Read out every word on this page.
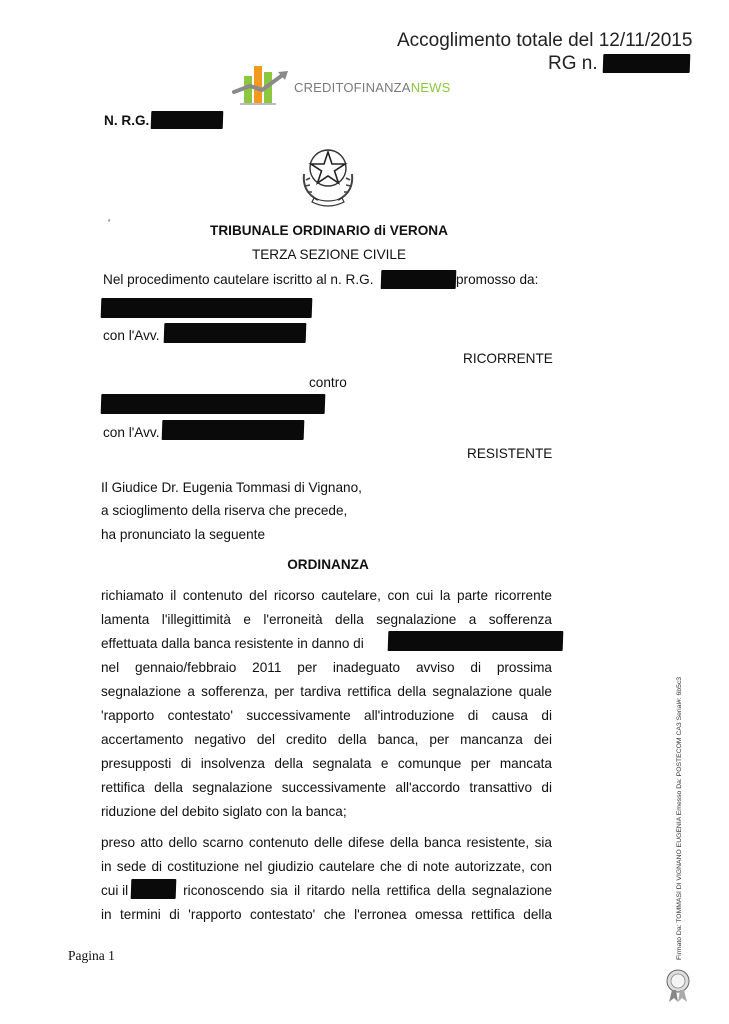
Accoglimento totale del 12/11/2015
RG n.
CREDITOFINANZANEWS
N. R.G.
‘	TRIBUNALE ORDINARIO di VERONA
TERZA SEZIONE CIVILE
Nel procedimento cautelare iscritto al n. R.G.	promosso da:
con l'Avv.
RICORRENTE
contro
con l'Avv.
RESISTENTE
Il Giudice Dr. Eugenia Tommasi di Vignano,
a scioglimento della riserva che precede,
ha pronunciato la seguente
ORDINANZA
richiamato il contenuto del ricorso cautelare, con cui la parte ricorrente
lamenta l'illegittimità e l'erroneità della segnalazione a sofferenza
effettuata dalla banca resistente in danno di
nel gennaio/febbraio 2011 per inadeguato avviso di prossima
segnalazione a sofferenza, per tardiva rettifica della segnalazione quale
'rapporto contestato' successivamente all'introduzione di causa di
accertamento negativo del credito della banca, per mancanza dei
presupposti di insolvenza della segnalata e comunque per mancata
rettifica della segnalazione successivamente all'accordo transattivo di
riduzione del debito siglato con la banca;
preso atto dello scarno contenuto delle difese della banca resistente, sia
in sede di costituzione nel giudizio cautelare che di note autorizzate, con
cui il	, riconoscendo sia il ritardo nella rettifica della segnalazione
in termini di 'rapporto contestato' che l'erronea omessa rettifica della
Pagina 1	Firmato Da: TOMMASI DI VIGNANO EUGENIA Emesso Da: POSTECOM CA3 Serial#: 6b5c3
